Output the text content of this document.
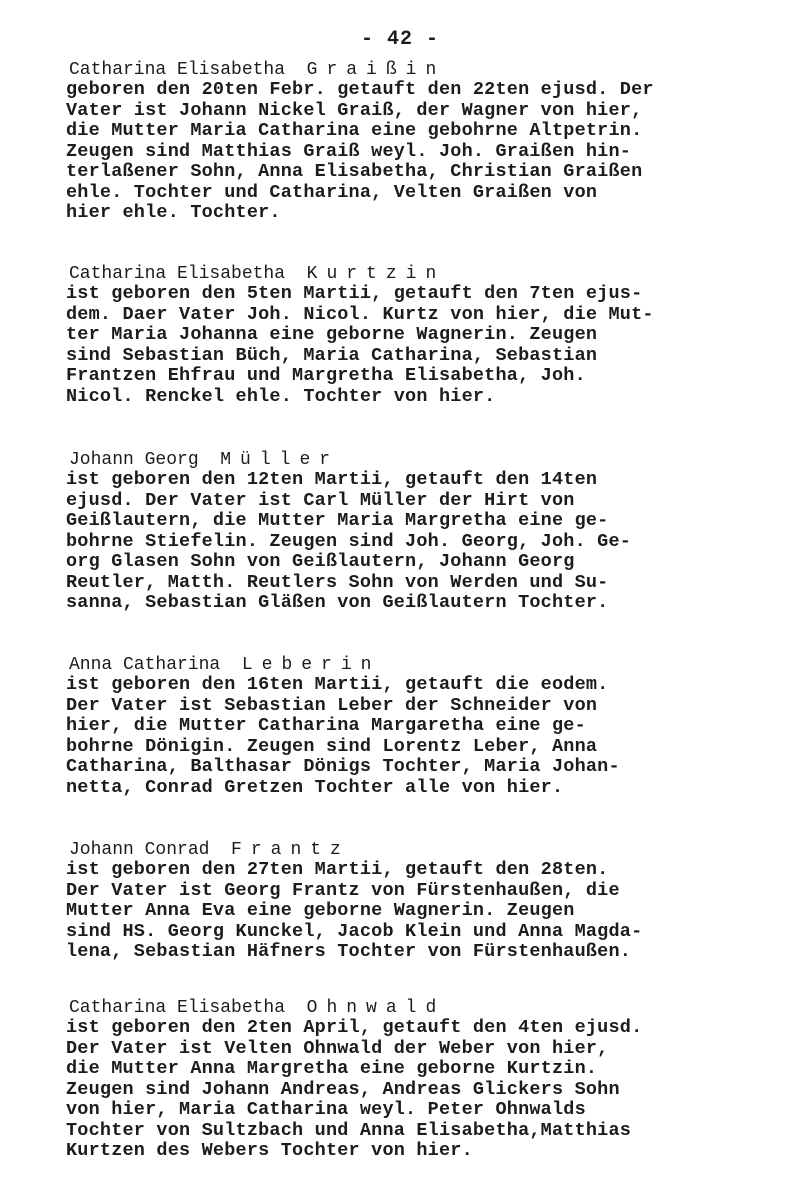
- 42 -
Catharina Elisabetha Graißin
geboren den 20ten Febr. getauft den 22ten ejusd. Der
Vater ist Johann Nickel Graiß, der Wagner von hier,
die Mutter Maria Catharina eine gebohrne Altpetrin.
Zeugen sind Matthias Graiß weyl. Joh. Graißen hin-
terlaßener Sohn, Anna Elisabetha, Christian Graißen
ehle. Tochter und Catharina, Velten Graißen von
hier ehle. Tochter.
Catharina Elisabetha Kurtzin
ist geboren den 5ten Martii, getauft den 7ten ejus-
dem. Daer Vater Joh. Nicol. Kurtz von hier, die Mut-
ter Maria Johanna eine geborne Wagnerin. Zeugen
sind Sebastian Büch, Maria Catharina, Sebastian
Frantzen Ehfrau und Margretha Elisabetha, Joh.
Nicol. Renckel ehle. Tochter von hier.
Johann Georg Müller
ist geboren den 12ten Martii, getauft den 14ten
ejusd. Der Vater ist Carl Müller der Hirt von
Geißlautern, die Mutter Maria Margretha eine ge-
bohrne Stiefelin. Zeugen sind Joh. Georg, Joh. Ge-
org Glasen Sohn von Geißlautern, Johann Georg
Reutler, Matth. Reutlers Sohn von Werden und Su-
sanna, Sebastian Gläßen von Geißlautern Tochter.
Anna Catharina Leberin
ist geboren den 16ten Martii, getauft die eodem.
Der Vater ist Sebastian Leber der Schneider von
hier, die Mutter Catharina Margaretha eine ge-
bohrne Dönigin. Zeugen sind Lorentz Leber, Anna
Catharina, Balthasar Dönigs Tochter, Maria Johan-
netta, Conrad Gretzen Tochter alle von hier.
Johann Conrad Frantz
ist geboren den 27ten Martii, getauft den 28ten.
Der Vater ist Georg Frantz von Fürstenhaußen, die
Mutter Anna Eva eine geborne Wagnerin. Zeugen
sind HS. Georg Kunckel, Jacob Klein und Anna Magda-
lena, Sebastian Häfners Tochter von Fürstenhaußen.
Catharina Elisabetha Ohnwald
ist geboren den 2ten April, getauft den 4ten ejusd.
Der Vater ist Velten Ohnwald der Weber von hier,
die Mutter Anna Margretha eine geborne Kurtzin.
Zeugen sind Johann Andreas, Andreas Glickers Sohn
von hier, Maria Catharina weyl. Peter Ohnwalds
Tochter von Sultzbach und Anna Elisabetha,Matthias
Kurtzen des Webers Tochter von hier.
